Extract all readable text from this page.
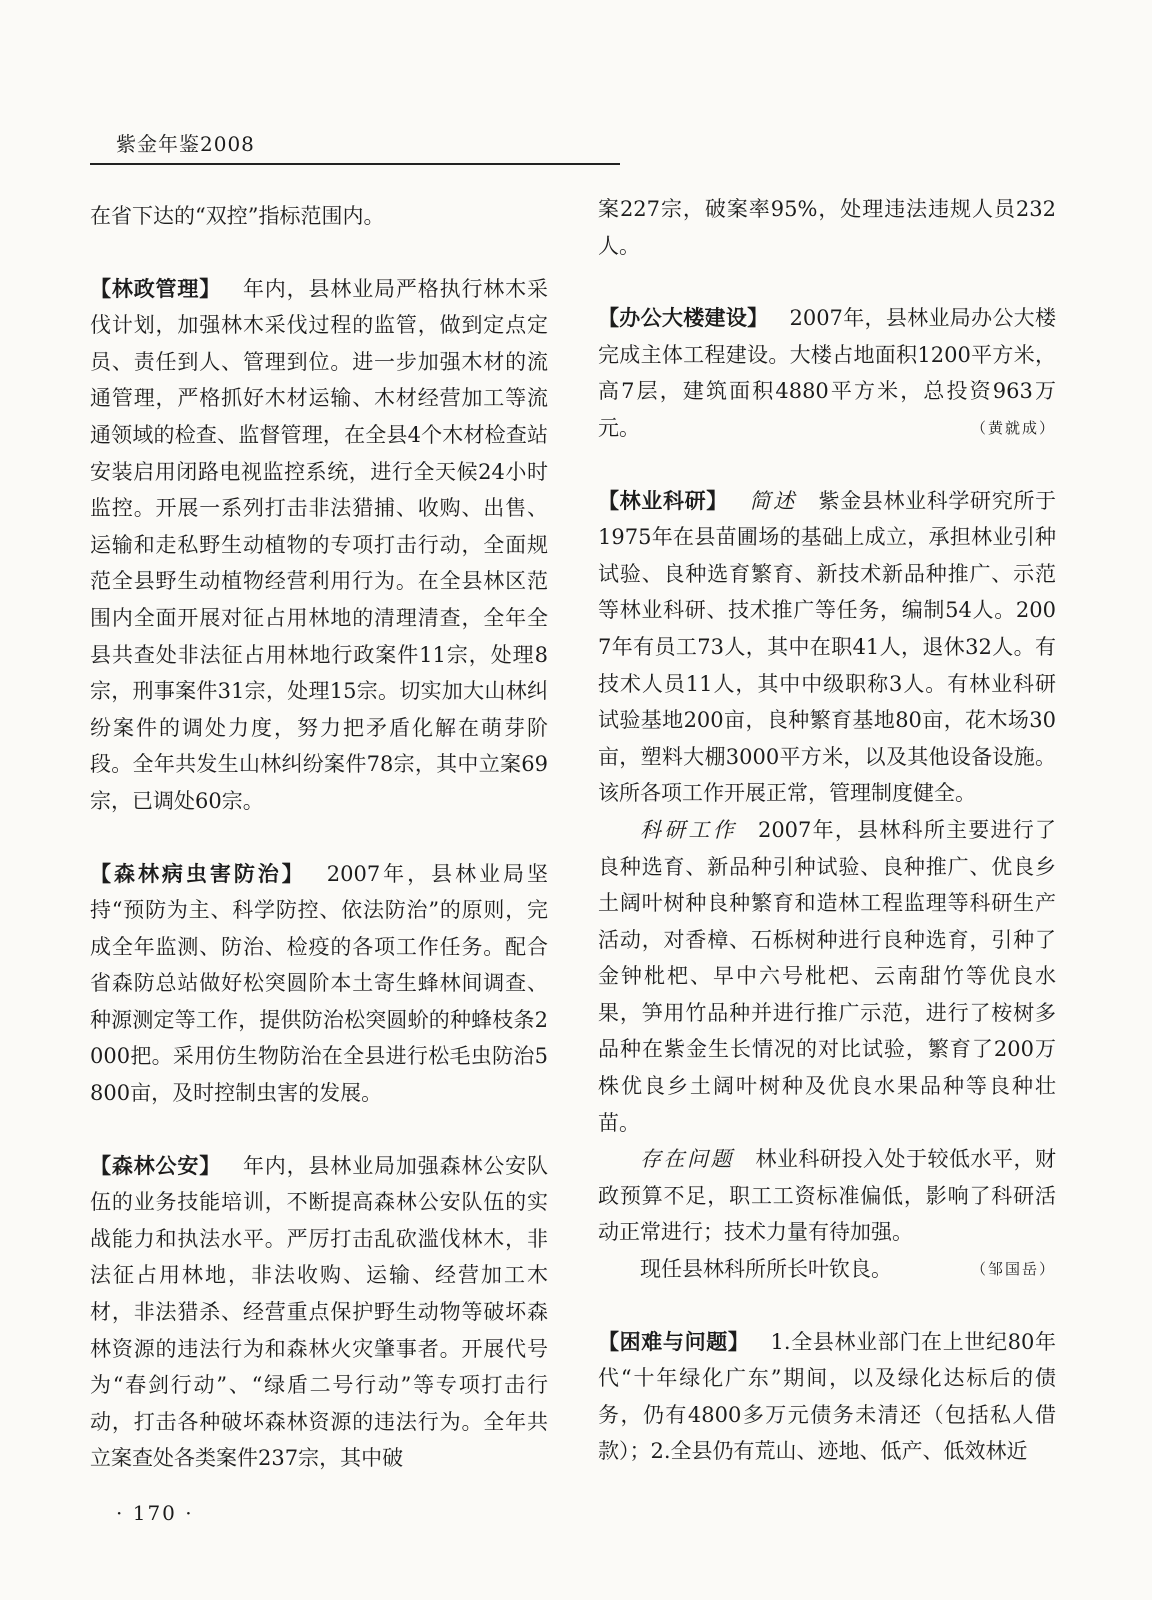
紫金年鉴2008

在省下达的“双控”指标范围内。

【林政管理】  年内，县林业局严格执行林木采伐计划，加强林木采伐过程的监管，做到定点定员、责任到人、管理到位。进一步加强木材的流通管理，严格抓好木材运输、木材经营加工等流通领域的检查、监督管理，在全县4个木材检查站安装启用闭路电视监控系统，进行全天候24小时监控。开展一系列打击非法猎捕、收购、出售、运输和走私野生动植物的专项打击行动，全面规范全县野生动植物经营利用行为。在全县林区范围内全面开展对征占用林地的清理清查，全年全县共查处非法征占用林地行政案件11宗，处理8宗，刑事案件31宗，处理15宗。切实加大山林纠纷案件的调处力度，努力把矛盾化解在萌芽阶段。全年共发生山林纠纷案件78宗，其中立案69宗，已调处60宗。

【森林病虫害防治】  2007年，县林业局坚持“预防为主、科学防控、依法防治”的原则，完成全年监测、防治、检疫的各项工作任务。配合省森防总站做好松突圆阶本土寄生蜂林间调查、种源测定等工作，提供防治松突圆蚧的种蜂枝条2000把。采用仿生物防治在全县进行松毛虫防治5800亩，及时控制虫害的发展。

【森林公安】  年内，县林业局加强森林公安队伍的业务技能培训，不断提高森林公安队伍的实战能力和执法水平。严厉打击乱砍滥伐林木，非法征占用林地，非法收购、运输、经营加工木材，非法猎杀、经营重点保护野生动物等破坏森林资源的违法行为和森林火灾肇事者。开展代号为“春剑行动”、“绿盾二号行动”等专项打击行动，打击各种破坏森林资源的违法行为。全年共立案查处各类案件237宗，其中破

案227宗，破案率95%，处理违法违规人员232人。

【办公大楼建设】  2007年，县林业局办公大楼完成主体工程建设。大楼占地面积1200平方米，高7层，建筑面积4880平方米，总投资963万元。	（黄就成）

【林业科研】  简述  紫金县林业科学研究所于1975年在县苗圃场的基础上成立，承担林业引种试验、良种选育繁育、新技术新品种推广、示范等林业科研、技术推广等任务，编制54人。2007年有员工73人，其中在职41人，退休32人。有技术人员11人，其中中级职称3人。有林业科研试验基地200亩，良种繁育基地80亩，花木场30亩，塑料大棚3000平方米，以及其他设备设施。该所各项工作开展正常，管理制度健全。

科研工作  2007年，县林科所主要进行了良种选育、新品种引种试验、良种推广、优良乡土阔叶树种良种繁育和造林工程监理等科研生产活动，对香樟、石栎树种进行良种选育，引种了金钟枇杷、早中六号枇杷、云南甜竹等优良水果，笋用竹品种并进行推广示范，进行了桉树多品种在紫金生长情况的对比试验，繁育了200万株优良乡土阔叶树种及优良水果品种等良种壮苗。

存在问题  林业科研投入处于较低水平，财政预算不足，职工工资标准偏低，影响了科研活动正常进行；技术力量有待加强。

现任县林科所所长叶钦良。	（邹国岳）

【困难与问题】  1.全县林业部门在上世纪80年代“十年绿化广东”期间，以及绿化达标后的债务，仍有4800多万元债务未清还（包括私人借款）；2.全县仍有荒山、迹地、低产、低效林近

· 170 ·
